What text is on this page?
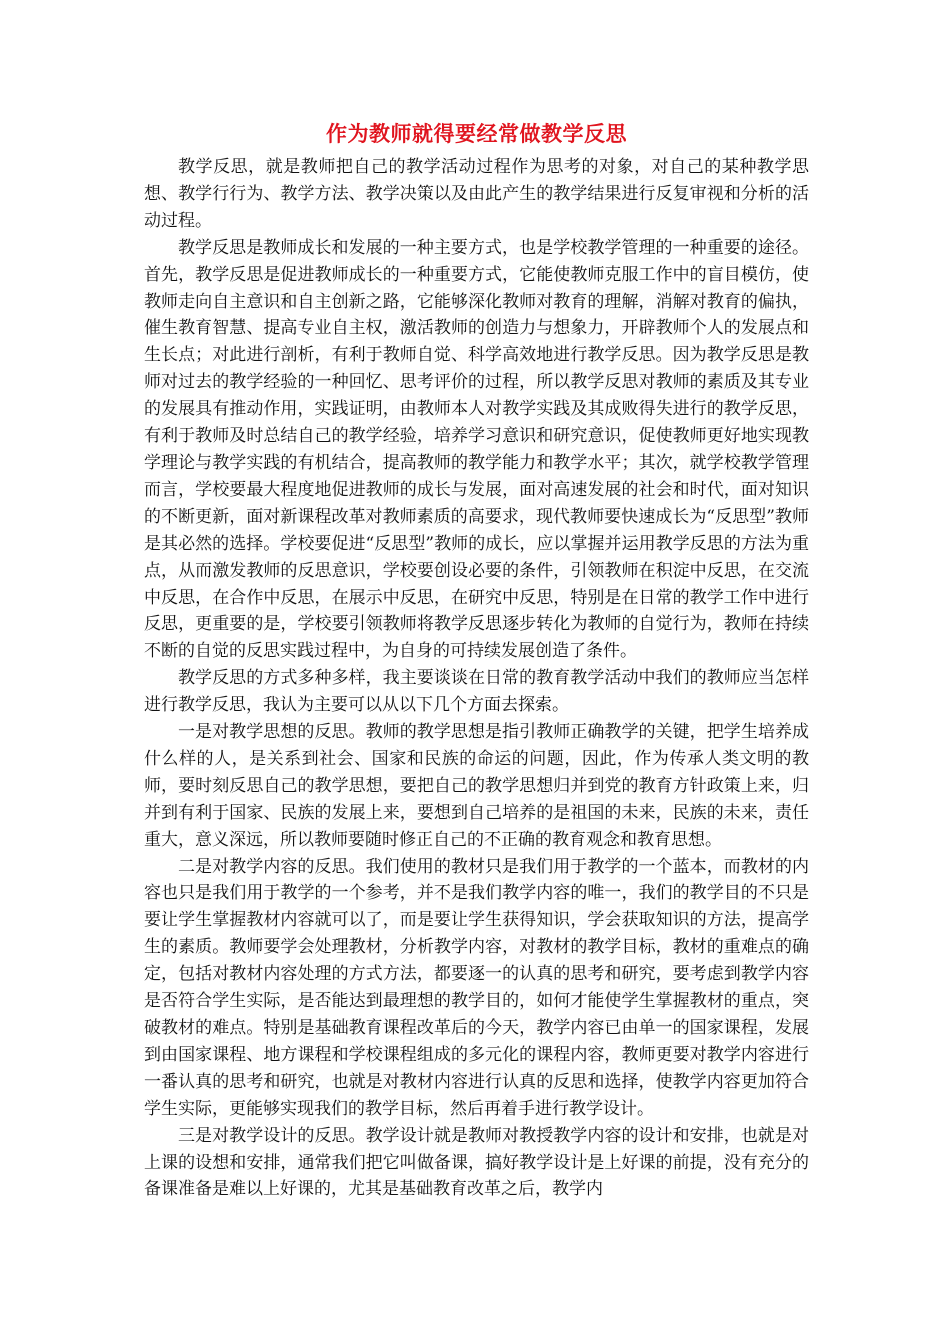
作为教师就得要经常做教学反思

教学反思，就是教师把自己的教学活动过程作为思考的对象，对自己的某种教学思想、教学行行为、教学方法、教学决策以及由此产生的教学结果进行反复审视和分析的活动过程。

教学反思是教师成长和发展的一种主要方式，也是学校教学管理的一种重要的途径。首先，教学反思是促进教师成长的一种重要方式，它能使教师克服工作中的盲目模仿，使教师走向自主意识和自主创新之路，它能够深化教师对教育的理解，消解对教育的偏执，催生教育智慧、提高专业自主权，激活教师的创造力与想象力，开辟教师个人的发展点和生长点；对此进行剖析，有利于教师自觉、科学高效地进行教学反思。因为教学反思是教师对过去的教学经验的一种回忆、思考评价的过程，所以教学反思对教师的素质及其专业的发展具有推动作用，实践证明，由教师本人对教学实践及其成败得失进行的教学反思，有利于教师及时总结自己的教学经验，培养学习意识和研究意识，促使教师更好地实现教学理论与教学实践的有机结合，提高教师的教学能力和教学水平；其次，就学校教学管理而言，学校要最大程度地促进教师的成长与发展，面对高速发展的社会和时代，面对知识的不断更新，面对新课程改革对教师素质的高要求，现代教师要快速成长为“反思型”教师是其必然的选择。学校要促进“反思型”教师的成长，应以掌握并运用教学反思的方法为重点，从而激发教师的反思意识，学校要创设必要的条件，引领教师在积淀中反思，在交流中反思，在合作中反思，在展示中反思，在研究中反思，特别是在日常的教学工作中进行反思，更重要的是，学校要引领教师将教学反思逐步转化为教师的自觉行为，教师在持续不断的自觉的反思实践过程中，为自身的可持续发展创造了条件。

教学反思的方式多种多样，我主要谈谈在日常的教育教学活动中我们的教师应当怎样进行教学反思，我认为主要可以从以下几个方面去探索。

一是对教学思想的反思。教师的教学思想是指引教师正确教学的关键，把学生培养成什么样的人，是关系到社会、国家和民族的命运的问题，因此，作为传承人类文明的教师，要时刻反思自己的教学思想，要把自己的教学思想归并到党的教育方针政策上来，归并到有利于国家、民族的发展上来，要想到自己培养的是祖国的未来，民族的未来，责任重大，意义深远，所以教师要随时修正自己的不正确的教育观念和教育思想。

二是对教学内容的反思。我们使用的教材只是我们用于教学的一个蓝本，而教材的内容也只是我们用于教学的一个参考，并不是我们教学内容的唯一，我们的教学目的不只是要让学生掌握教材内容就可以了，而是要让学生获得知识，学会获取知识的方法，提高学生的素质。教师要学会处理教材，分析教学内容，对教材的教学目标，教材的重难点的确定，包括对教材内容处理的方式方法，都要逐一的认真的思考和研究，要考虑到教学内容是否符合学生实际，是否能达到最理想的教学目的，如何才能使学生掌握教材的重点，突破教材的难点。特别是基础教育课程改革后的今天，教学内容已由单一的国家课程，发展到由国家课程、地方课程和学校课程组成的多元化的课程内容，教师更要对教学内容进行一番认真的思考和研究，也就是对教材内容进行认真的反思和选择，使教学内容更加符合学生实际，更能够实现我们的教学目标，然后再着手进行教学设计。

三是对教学设计的反思。教学设计就是教师对教授教学内容的设计和安排，也就是对上课的设想和安排，通常我们把它叫做备课，搞好教学设计是上好课的前提，没有充分的备课准备是难以上好课的，尤其是基础教育改革之后，教学内
